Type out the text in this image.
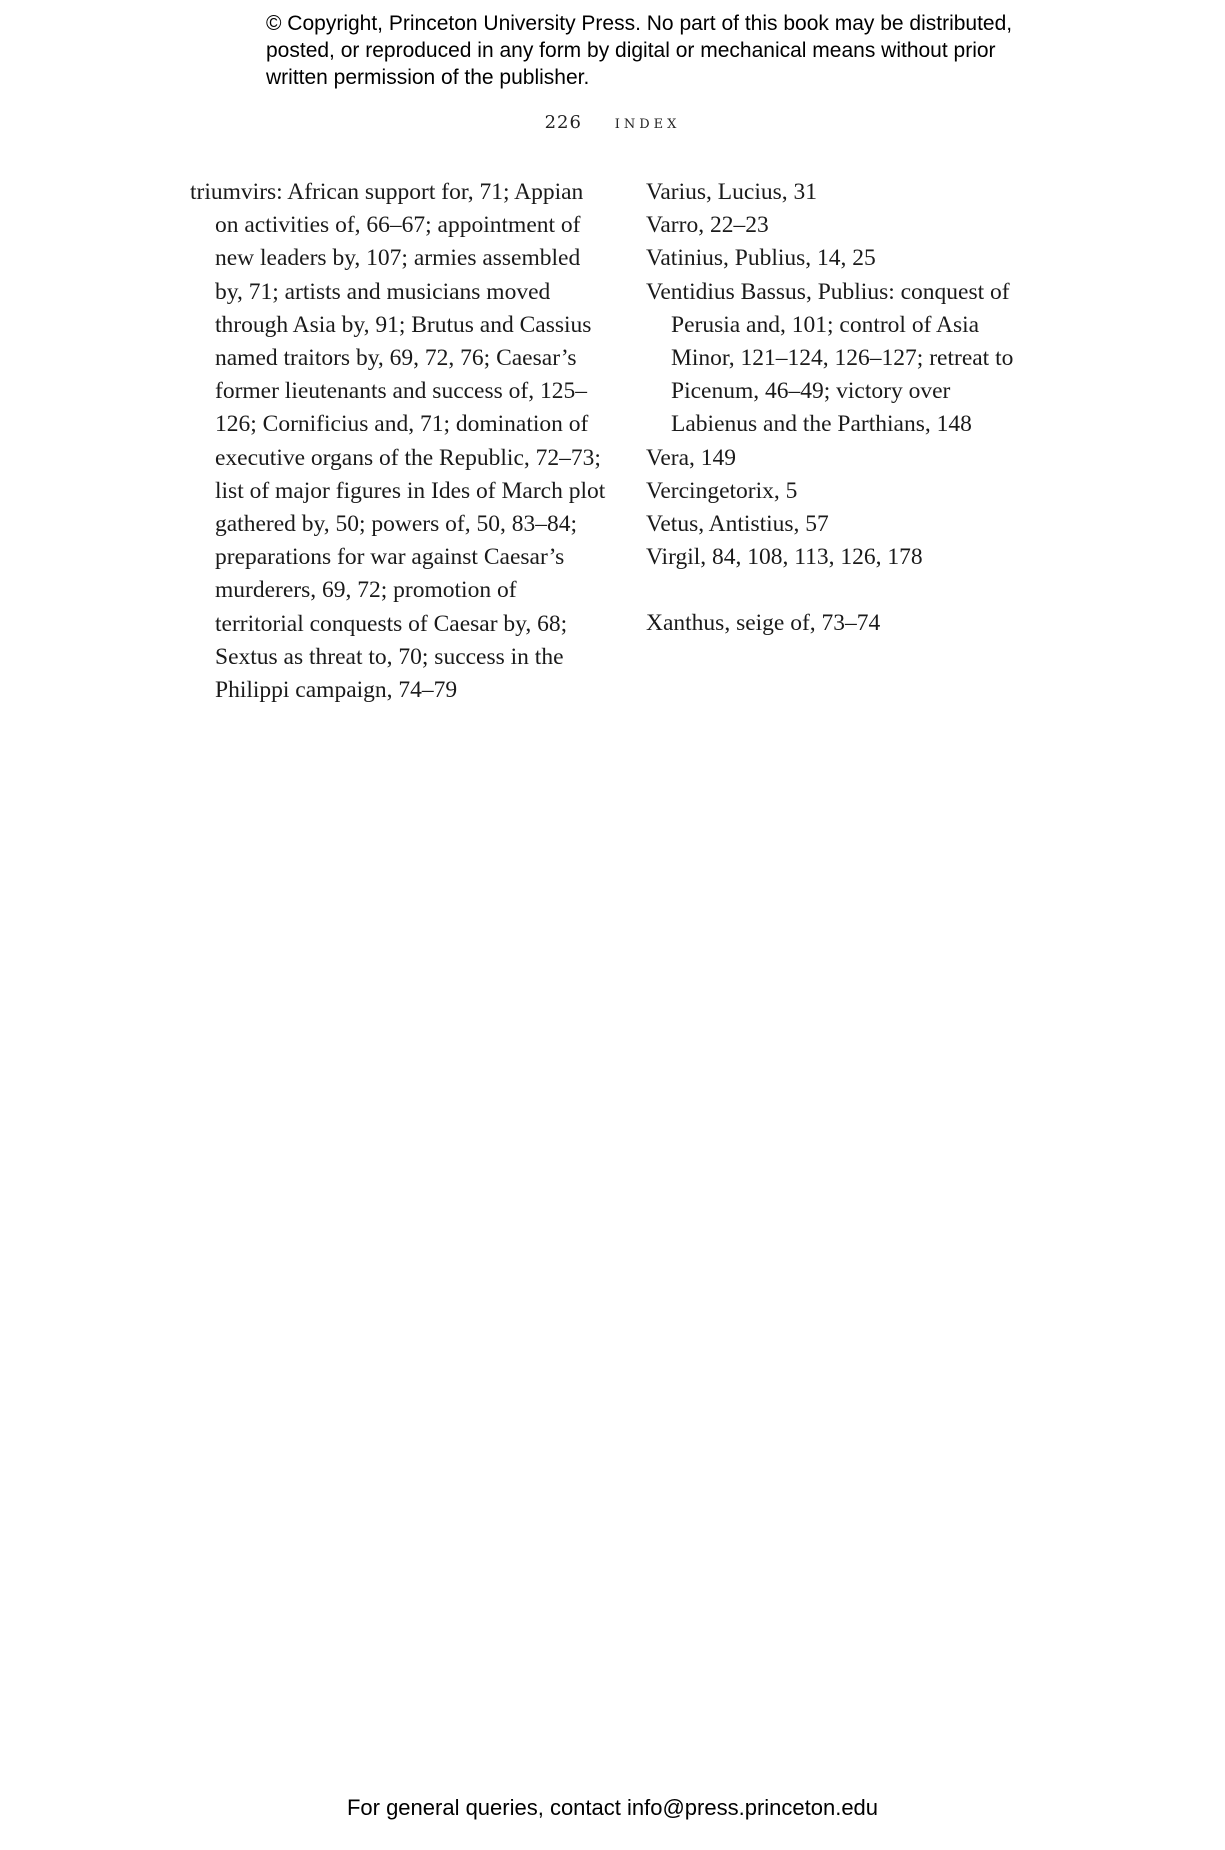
© Copyright, Princeton University Press. No part of this book may be distributed, posted, or reproduced in any form by digital or mechanical means without prior written permission of the publisher.
226 index

triumvirs: African support for, 71; Appian on activities of, 66–67; appointment of new leaders by, 107; armies assembled by, 71; artists and musicians moved through Asia by, 91; Brutus and Cassius named traitors by, 69, 72, 76; Caesar’s former lieutenants and success of, 125–126; Cornificius and, 71; domination of executive organs of the Republic, 72–73; list of major figures in Ides of March plot gathered by, 50; powers of, 50, 83–84; preparations for war against Caesar’s murderers, 69, 72; promotion of territorial conquests of Caesar by, 68; Sextus as threat to, 70; success in the Philippi campaign, 74–79

Varius, Lucius, 31

Varro, 22–23

Vatinius, Publius, 14, 25

Ventidius Bassus, Publius: conquest of Perusia and, 101; control of Asia Minor, 121–124, 126–127; retreat to Picenum, 46–49; victory over Labienus and the Parthians, 148

Vera, 149

Vercingetorix, 5

Vetus, Antistius, 57

Virgil, 84, 108, 113, 126, 178

Xanthus, seige of, 73–74

For general queries, contact info@press.princeton.edu
